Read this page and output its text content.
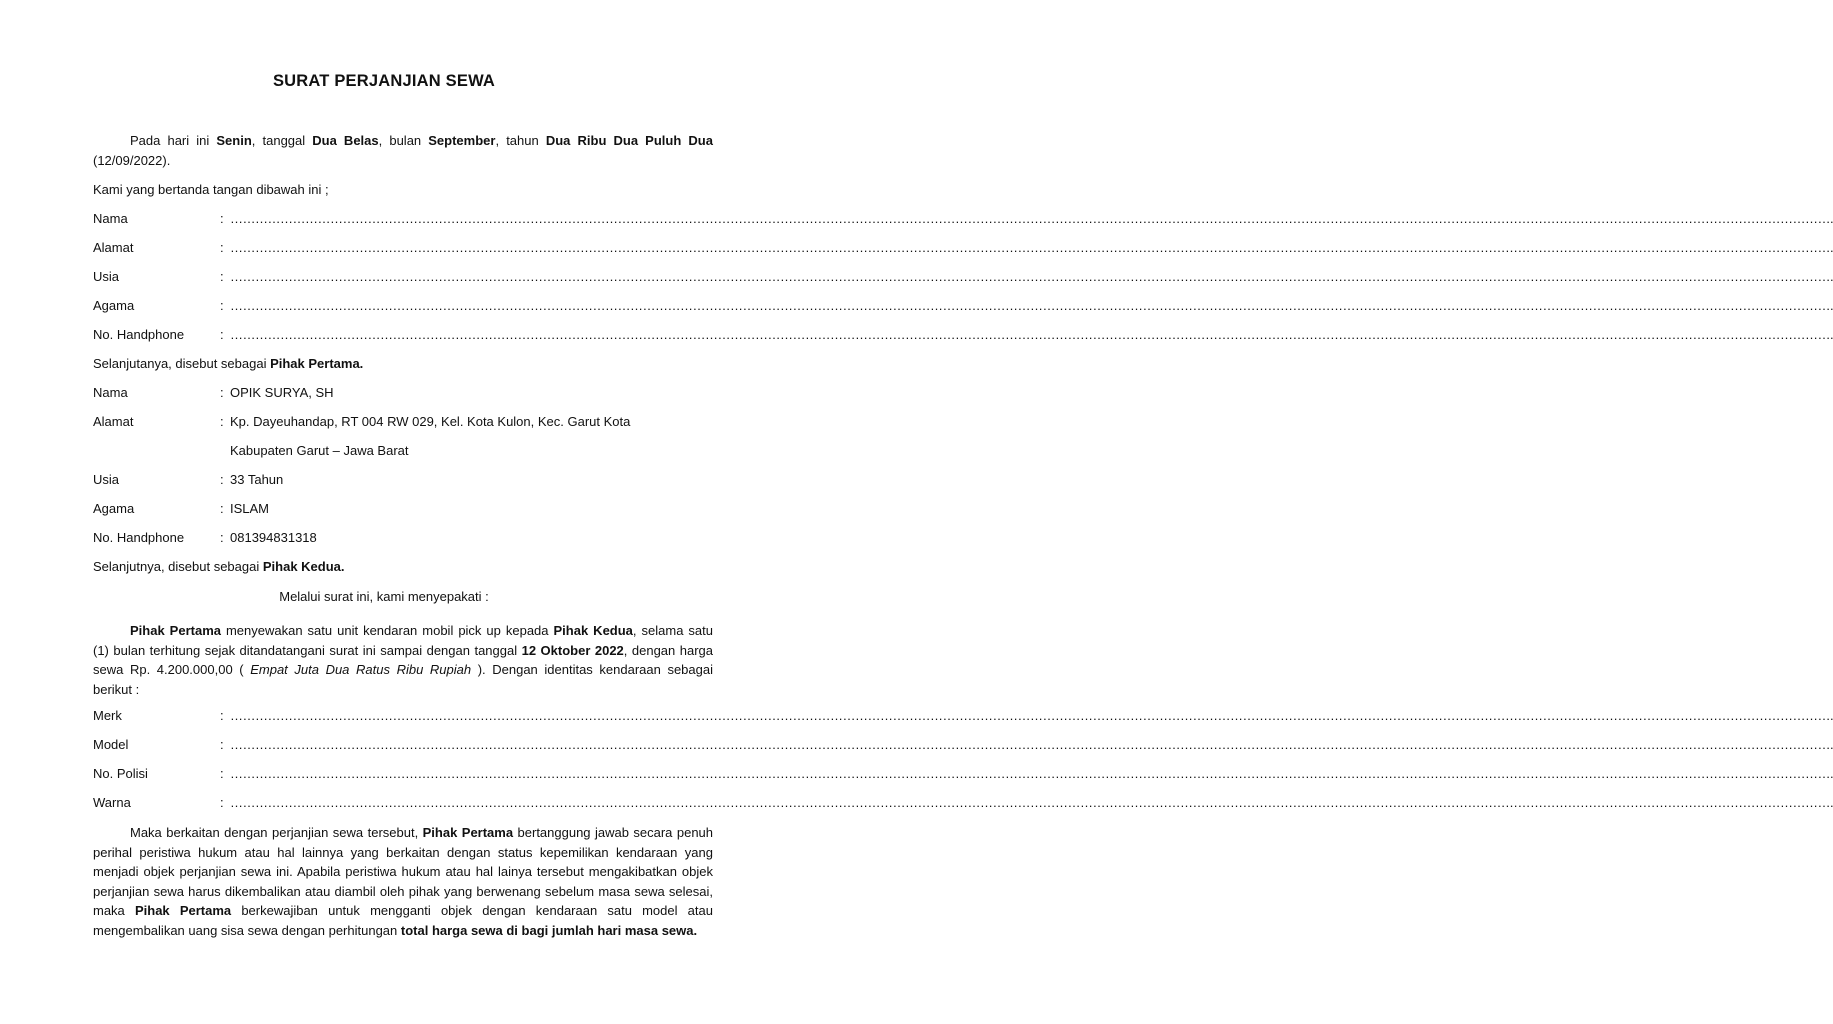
SURAT PERJANJIAN SEWA
Pada hari ini Senin, tanggal Dua Belas, bulan September, tahun Dua Ribu Dua Puluh Dua (12/09/2022).
Kami yang bertanda tangan dibawah ini ;
Nama	: …………………………………………………………………………………………………………………………………………………………………………………………………………………………………………………………………………………………………………………………………………………….
Alamat	: …………………………………………………………………………………………………………………………………………………………………………………………………………………………………………………………………………………………………………………………………………………….
Usia	: …………………………………………………………………………………………………………………………………………………………………………………………………………………………………………………………………………………………………………………………………………………….
Agama	: …………………………………………………………………………………………………………………………………………………………………………………………………………………………………………………………………………………………………………………………………………………….
No. Handphone	: …………………………………………………………………………………………………………………………………………………………………………………………………………………………………………………………………………………………………………………………………………………….
Selanjutanya, disebut sebagai Pihak Pertama.
Nama	: OPIK SURYA, SH
Alamat	: Kp. Dayeuhandap, RT 004 RW 029, Kel. Kota Kulon, Kec. Garut Kota
Kabupaten Garut – Jawa Barat
Usia	: 33 Tahun
Agama	: ISLAM
No. Handphone	: 081394831318
Selanjutnya, disebut sebagai Pihak Kedua.
Melalui surat ini, kami menyepakati :
Pihak Pertama menyewakan satu unit kendaran mobil pick up kepada Pihak Kedua, selama satu (1) bulan terhitung sejak ditandatangani surat ini sampai dengan tanggal 12 Oktober 2022, dengan harga sewa Rp. 4.200.000,00 ( Empat Juta Dua Ratus Ribu Rupiah ). Dengan identitas kendaraan sebagai berikut :
Merk	: …………………………………………………………………………………………………………………………………………………………………………………………………………………………………………………………………………………………………………………………………………………….
Model	: …………………………………………………………………………………………………………………………………………………………………………………………………………………………………………………………………………………………………………………………………………………….
No. Polisi	: …………………………………………………………………………………………………………………………………………………………………………………………………………………………………………………………………………………………………………………………………………………….
Warna	: …………………………………………………………………………………………………………………………………………………………………………………………………………………………………………………………………………………………………………………………………………………….
Maka berkaitan dengan perjanjian sewa tersebut, Pihak Pertama bertanggung jawab secara penuh perihal peristiwa hukum atau hal lainnya yang berkaitan dengan status kepemilikan kendaraan yang menjadi objek perjanjian sewa ini. Apabila peristiwa hukum atau hal lainya tersebut mengakibatkan objek perjanjian sewa harus dikembalikan atau diambil oleh pihak yang berwenang sebelum masa sewa selesai, maka Pihak Pertama berkewajiban untuk mengganti objek dengan kendaraan satu model atau mengembalikan uang sisa sewa dengan perhitungan total harga sewa di bagi jumlah hari masa sewa.
